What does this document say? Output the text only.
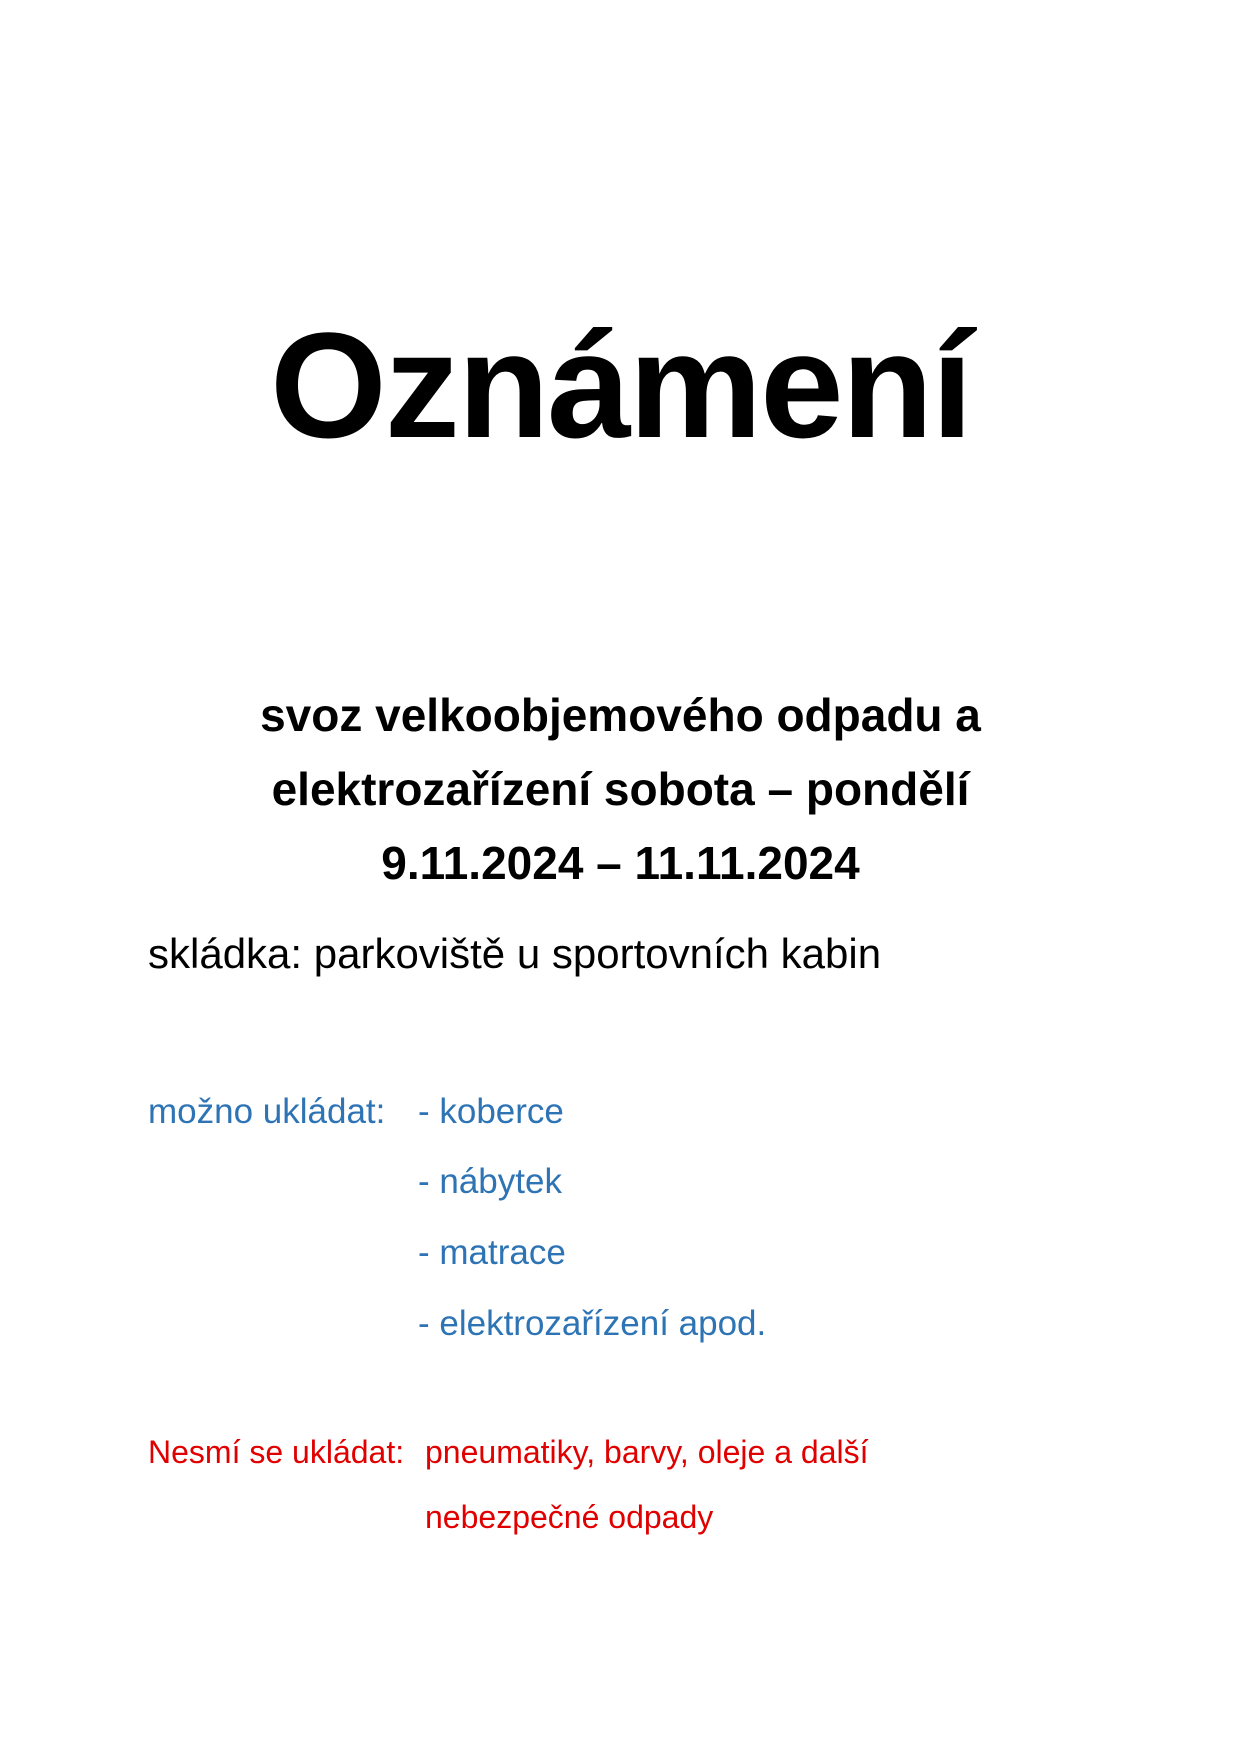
Oznámení
svoz velkoobjemového odpadu a
elektrozařízení sobota – pondělí
9.11.2024 – 11.11.2024
skládka: parkoviště u sportovních kabin
možno ukládat: - koberce
- nábytek
- matrace
- elektrozařízení apod.
Nesmí se ukládat: pneumatiky, barvy, oleje a další
nebezpečné odpady
